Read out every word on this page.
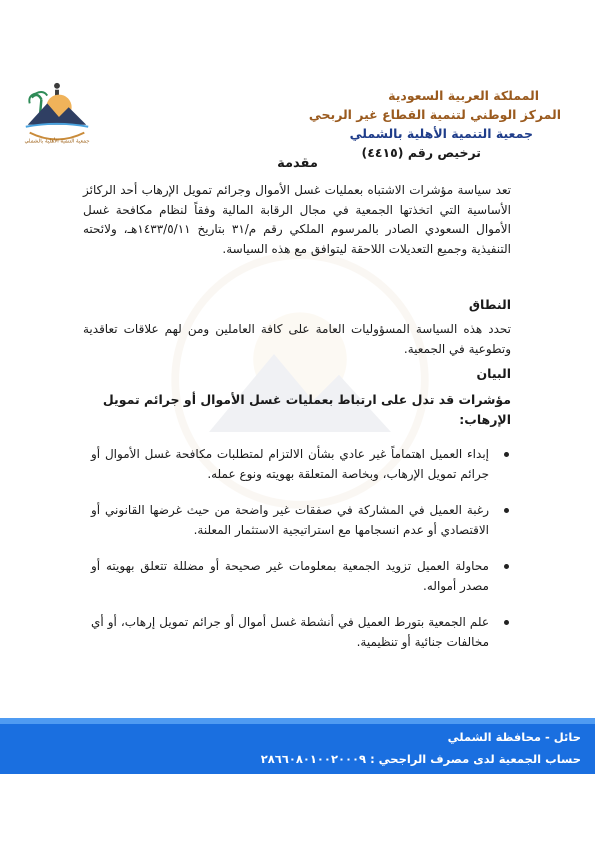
جمعية التنمية الأهلية بالشملي
المملكة العربية السعودية
المركز الوطني لتنمية القطاع غير الربحي
جمعية التنمية الأهلية بالشملي
ترخيص رقم (٤٤١٥)
مقدمة
تعد سياسة مؤشرات الاشتباه بعمليات غسل الأموال وجرائم تمويل الإرهاب أحد الركائز الأساسية التي اتخذتها الجمعية في مجال الرقابة المالية وفقاً لنظام مكافحة غسل الأموال السعودي الصادر بالمرسوم الملكي رقم م/٣١ بتاريخ ١٤٣٣/٥/١١هـ، ولائحته التنفيذية وجميع التعديلات اللاحقة ليتوافق مع هذه السياسة.
النطاق
تحدد هذه السياسة المسؤوليات العامة على كافة العاملين ومن لهم علاقات تعاقدية وتطوعية في الجمعية.
البيان
مؤشرات قد تدل على ارتباط بعمليات غسل الأموال أو جرائم تمويل الإرهاب:
إبداء العميل اهتماماً غير عادي بشأن الالتزام لمتطلبات مكافحة غسل الأموال أو جرائم تمويل الإرهاب، وبخاصة المتعلقة بهويته ونوع عمله.
رغبة العميل في المشاركة في صفقات غير واضحة من حيث غرضها القانوني أو الاقتصادي أو عدم انسجامها مع استراتيجية الاستثمار المعلنة.
محاولة العميل تزويد الجمعية بمعلومات غير صحيحة أو مضللة تتعلق بهويته أو مصدر أمواله.
علم الجمعية بتورط العميل في أنشطة غسل أموال أو جرائم تمويل إرهاب، أو أي مخالفات جنائية أو تنظيمية.
حائل - محافظة الشملي
حساب الجمعية لدى مصرف الراجحي : ٢٨٦٦٠٨٠١٠٠٢٠٠٠٩
